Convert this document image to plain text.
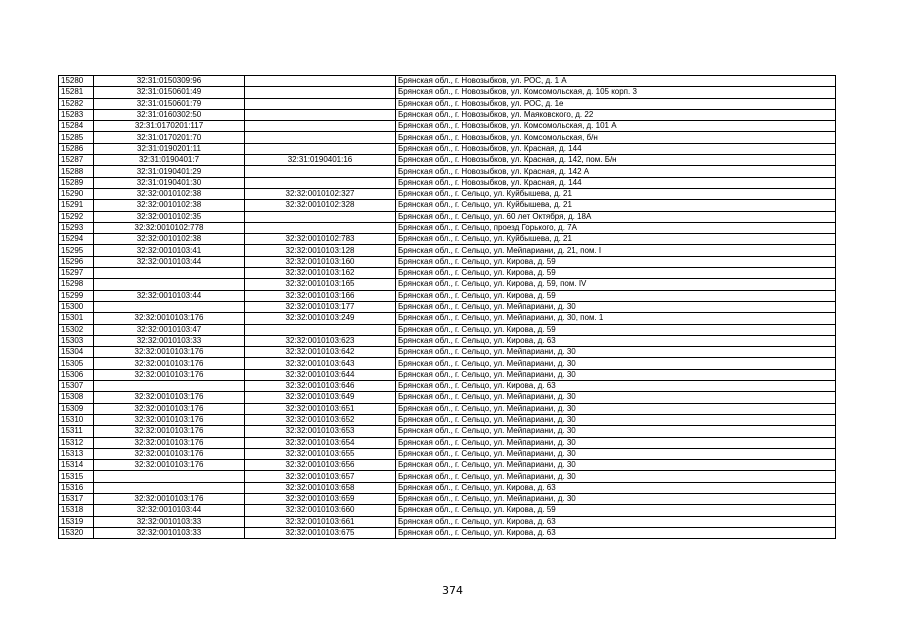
15280	32:31:0150309:96		Брянская обл., г. Новозыбков, ул. РОС, д. 1 А
15281	32:31:0150601:49		Брянская обл., г. Новозыбков, ул. Комсомольская, д. 105 корп. 3
15282	32:31:0150601:79		Брянская обл., г. Новозыбков, ул. РОС, д. 1е
15283	32:31:0160302:50		Брянская обл., г. Новозыбков, ул. Маяковского, д. 22
15284	32:31:0170201:117		Брянская обл., г. Новозыбков, ул. Комсомольская, д. 101 А
15285	32:31:0170201:70		Брянская обл., г. Новозыбков, ул. Комсомольская, б/н
15286	32:31:0190201:11		Брянская обл., г. Новозыбков, ул. Красная, д. 144
15287	32:31:0190401:7	32:31:0190401:16	Брянская обл., г. Новозыбков, ул. Красная, д. 142, пом. Б/н
15288	32:31:0190401:29		Брянская обл., г. Новозыбков, ул. Красная, д. 142 А
15289	32:31:0190401:30		Брянская обл., г. Новозыбков, ул. Красная, д. 144
15290	32:32:0010102:38	32:32:0010102:327	Брянская обл., г. Сельцо, ул. Куйбышева, д. 21
15291	32:32:0010102:38	32:32:0010102:328	Брянская обл., г. Сельцо, ул. Куйбышева, д. 21
15292	32:32:0010102:35		Брянская обл., г. Сельцо, ул. 60 лет Октября, д. 18А
15293	32:32:0010102:778		Брянская обл., г. Сельцо, проезд Горького, д. 7А
15294	32:32:0010102:38	32:32:0010102:783	Брянская обл., г. Сельцо, ул. Куйбышева, д. 21
15295	32:32:0010103:41	32:32:0010103:128	Брянская обл., г. Сельцо, ул. Мейпариани, д. 21, пом. I
15296	32:32:0010103:44	32:32:0010103:160	Брянская обл., г. Сельцо, ул. Кирова, д. 59
15297		32:32:0010103:162	Брянская обл., г. Сельцо, ул. Кирова, д. 59
15298		32:32:0010103:165	Брянская обл., г. Сельцо, ул. Кирова, д. 59, пом. IV
15299	32:32:0010103:44	32:32:0010103:166	Брянская обл., г. Сельцо, ул. Кирова, д. 59
15300		32:32:0010103:177	Брянская обл., г. Сельцо, ул. Мейпариани, д. 30
15301	32:32:0010103:176	32:32:0010103:249	Брянская обл., г. Сельцо, ул. Мейпариани, д. 30, пом. 1
15302	32:32:0010103:47		Брянская обл., г. Сельцо, ул. Кирова, д. 59
15303	32:32:0010103:33	32:32:0010103:623	Брянская обл., г. Сельцо, ул. Кирова, д. 63
15304	32:32:0010103:176	32:32:0010103:642	Брянская обл., г. Сельцо, ул. Мейпариани, д. 30
15305	32:32:0010103:176	32:32:0010103:643	Брянская обл., г. Сельцо, ул. Мейпариани, д. 30
15306	32:32:0010103:176	32:32:0010103:644	Брянская обл., г. Сельцо, ул. Мейпариани, д. 30
15307		32:32:0010103:646	Брянская обл., г. Сельцо, ул. Кирова, д. 63
15308	32:32:0010103:176	32:32:0010103:649	Брянская обл., г. Сельцо, ул. Мейпариани, д. 30
15309	32:32:0010103:176	32:32:0010103:651	Брянская обл., г. Сельцо, ул. Мейпариани, д. 30
15310	32:32:0010103:176	32:32:0010103:652	Брянская обл., г. Сельцо, ул. Мейпариани, д. 30
15311	32:32:0010103:176	32:32:0010103:653	Брянская обл., г. Сельцо, ул. Мейпариани, д. 30
15312	32:32:0010103:176	32:32:0010103:654	Брянская обл., г. Сельцо, ул. Мейпариани, д. 30
15313	32:32:0010103:176	32:32:0010103:655	Брянская обл., г. Сельцо, ул. Мейпариани, д. 30
15314	32:32:0010103:176	32:32:0010103:656	Брянская обл., г. Сельцо, ул. Мейпариани, д. 30
15315		32:32:0010103:657	Брянская обл., г. Сельцо, ул. Мейпариани, д. 30
15316		32:32:0010103:658	Брянская обл., г. Сельцо, ул. Кирова, д. 63
15317	32:32:0010103:176	32:32:0010103:659	Брянская обл., г. Сельцо, ул. Мейпариани, д. 30
15318	32:32:0010103:44	32:32:0010103:660	Брянская обл., г. Сельцо, ул. Кирова, д. 59
15319	32:32:0010103:33	32:32:0010103:661	Брянская обл., г. Сельцо, ул. Кирова, д. 63
15320	32:32:0010103:33	32:32:0010103:675	Брянская обл., г. Сельцо, ул. Кирова, д. 63
374
